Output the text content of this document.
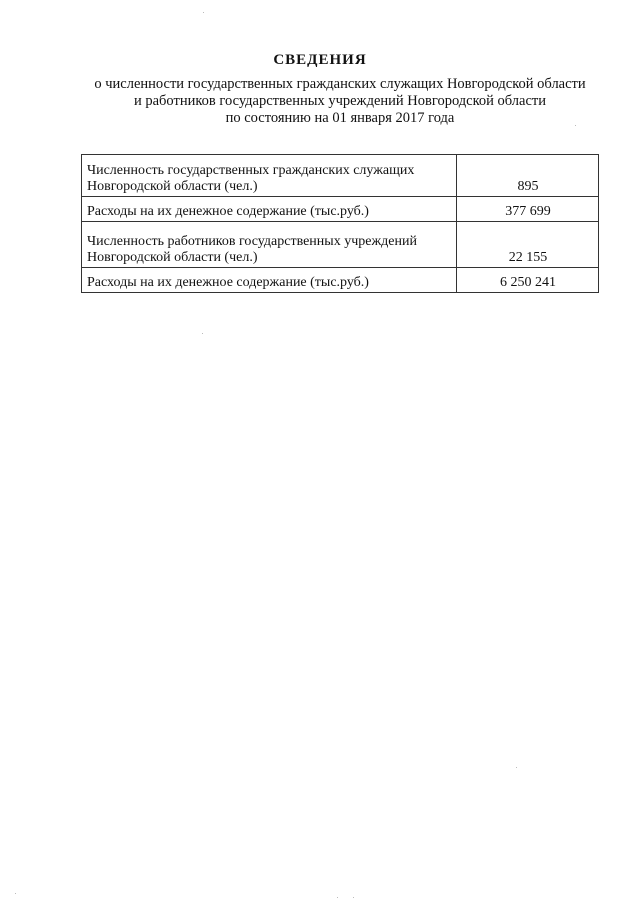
СВЕДЕНИЯ
о численности государственных гражданских служащих Новгородской области
и работников государственных учреждений Новгородской области
по состоянию на 01 января 2017 года
Численность государственных гражданских служащих
Новгородской области (чел.)	895

Расходы на их денежное содержание (тыс.руб.)	377 699

Численность работников государственных учреждений
Новгородской области (чел.)	22 155

Расходы на их денежное содержание (тыс.руб.)	6 250 241
